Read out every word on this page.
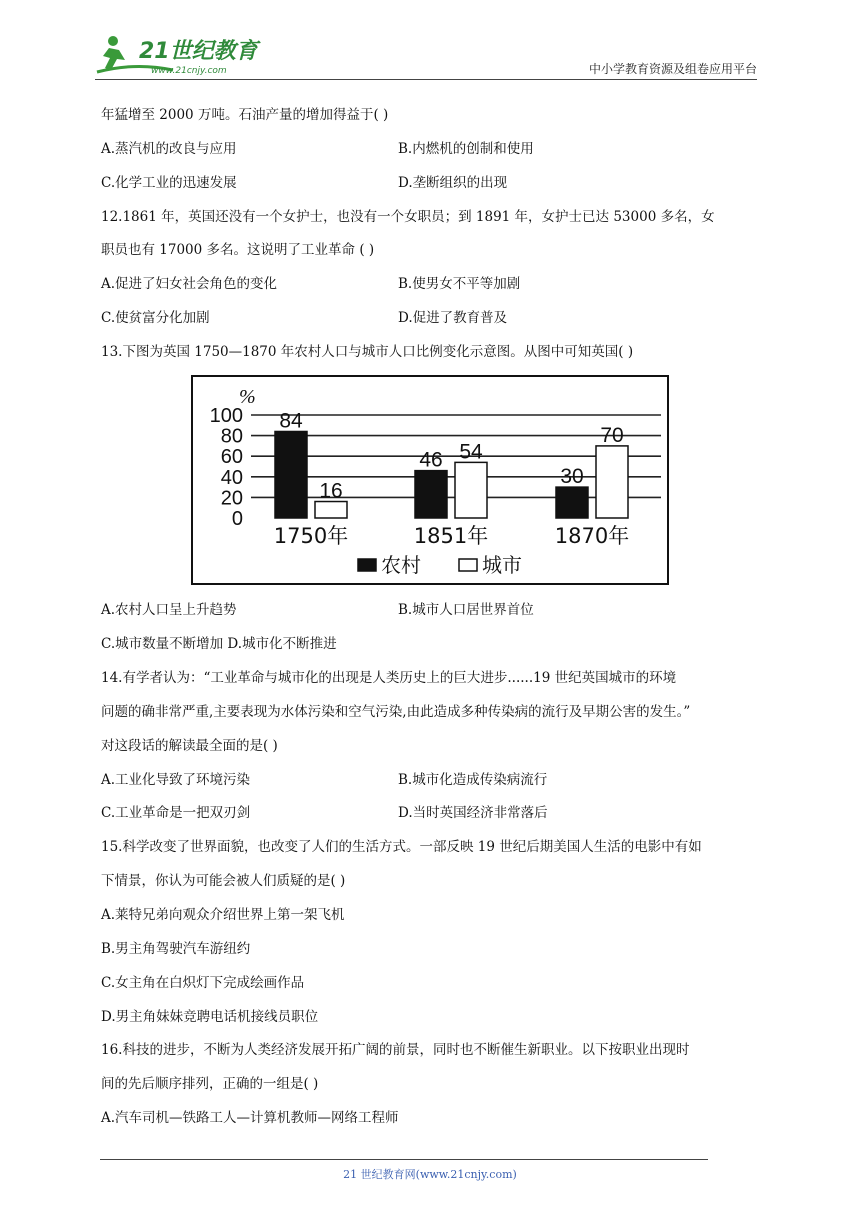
21世纪教育
www.21cnjy.com	中小学教育资源及组卷应用平台
年猛增至 2000 万吨。石油产量的增加得益于( )
A.蒸汽机的改良与应用	B.内燃机的创制和使用
C.化学工业的迅速发展	D.垄断组织的出现
12.1861 年，英国还没有一个女护士，也没有一个女职员；到 1891 年，女护士已达 53000 多名，女
职员也有 17000 多名。这说明了工业革命 ( )
A.促进了妇女社会角色的变化	B.使男女不平等加剧
C.使贫富分化加剧	D.促进了教育普及
13.下图为英国 1750—1870 年农村人口与城市人口比例变化示意图。从图中可知英国( )
%
0
20
40
60
80
100 84
16
1750年
46 54
1851年
30
70
1870年
农村	城市
A.农村人口呈上升趋势	B.城市人口居世界首位
C.城市数量不断增加 D.城市化不断推进
14.有学者认为：“工业革命与城市化的出现是人类历史上的巨大进步......19 世纪英国城市的环境
问题的确非常严重,主要表现为水体污染和空气污染,由此造成多种传染病的流行及早期公害的发生。”
对这段话的解读最全面的是( )
A.工业化导致了环境污染	B.城市化造成传染病流行
C.工业革命是一把双刃剑	D.当时英国经济非常落后
15.科学改变了世界面貌，也改变了人们的生活方式。一部反映 19 世纪后期美国人生活的电影中有如
下情景，你认为可能会被人们质疑的是( )
A.莱特兄弟向观众介绍世界上第一架飞机
B.男主角驾驶汽车游纽约
C.女主角在白炽灯下完成绘画作品
D.男主角妹妹竞聘电话机接线员职位
16.科技的进步，不断为人类经济发展开拓广阔的前景，同时也不断催生新职业。以下按职业出现时
间的先后顺序排列，正确的一组是( )
A.汽车司机—铁路工人—计算机教师—网络工程师
21 世纪教育网(www.21cnjy.com)
